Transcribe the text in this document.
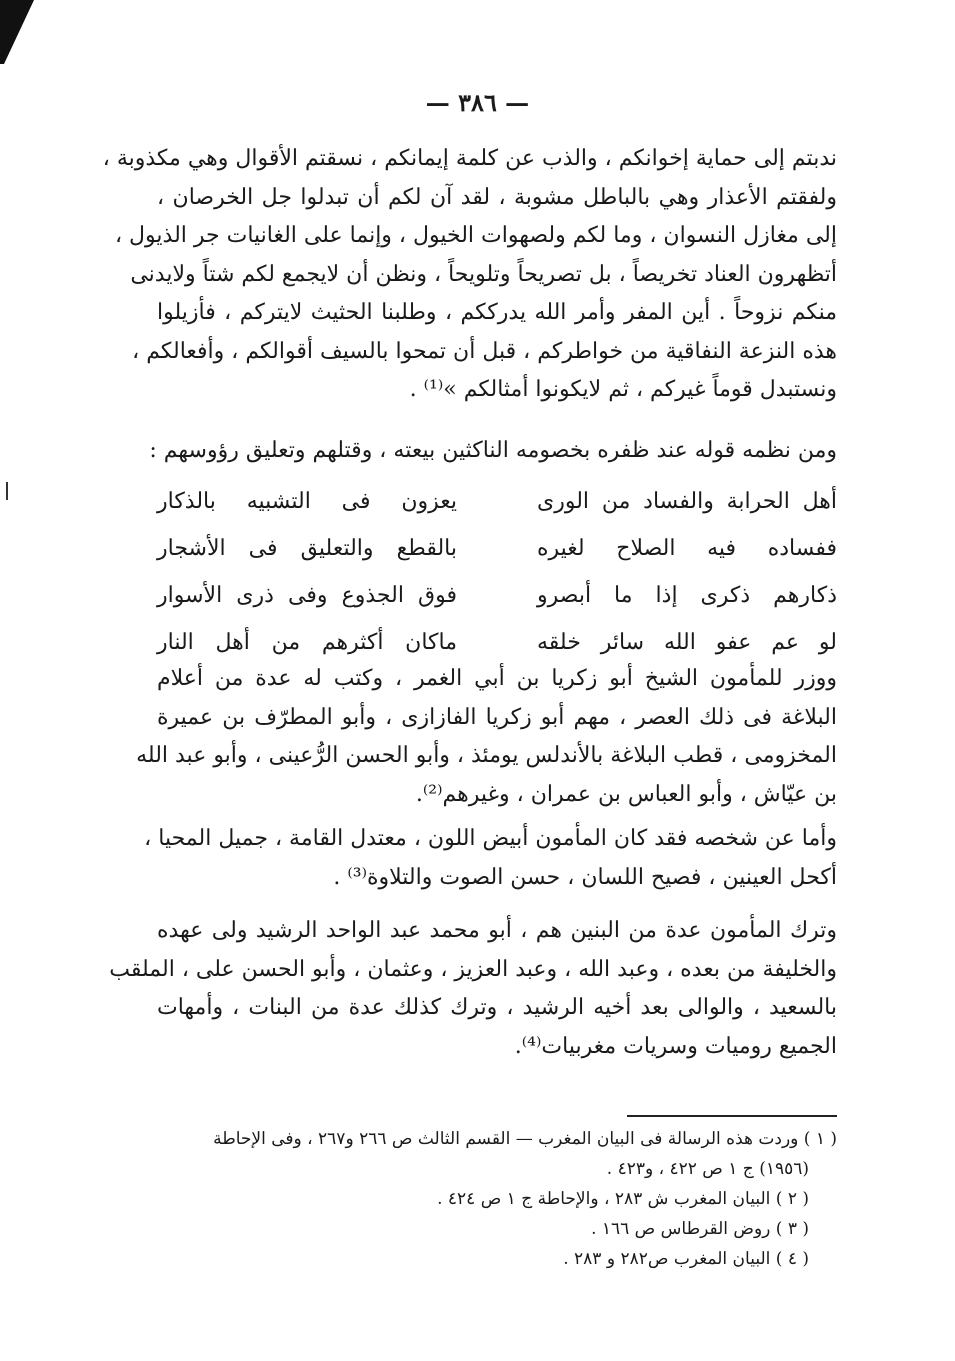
— ٣٨٦ —
ندبتم إلى حماية إخوانكم ، والذب عن كلمة إيمانكم ، نسقتم الأقوال وهي مكذوبة ،
ولفقتم الأعذار وهي بالباطل مشوبة ، لقد آن لكم أن تبدلوا جل الخرصان ،
إلى مغازل النسوان ، وما لكم ولصهوات الخيول ، وإنما على الغانيات جر الذيول ،
أتظهرون العناد تخريصاً ، بل تصريحاً وتلويحاً ، ونظن أن لايجمع لكم شتاً ولايدنى
منكم نزوحاً . أين المفر وأمر الله يدرككم ، وطلبنا الحثيث لايتركم ، فأزيلوا
هذه النزعة النفاقية من خواطركم ، قبل أن تمحوا بالسيف أقوالكم ، وأفعالكم ،
ونستبدل قوماً غيركم ، ثم لايكونوا أمثالكم »⁽¹⁾ .
ومن نظمه قوله عند ظفره بخصومه الناكثين بيعته ، وقتلهم وتعليق رؤوسهم :
أهل الحرابة والفساد من الورى
يعزون فى التشبيه بالذكار
ففساده فيه الصلاح لغيره
بالقطع والتعليق فى الأشجار
ذكارهم ذكرى إذا ما أبصرو
فوق الجذوع وفى ذرى الأسوار
لو عم عفو الله سائر خلقه
ماكان أكثرهم من أهل النار
ووزر للمأمون الشيخ أبو زكريا بن أبي الغمر ، وكتب له عدة من أعلام
البلاغة فى ذلك العصر ، مهم أبو زكريا الفازازى ، وأبو المطرّف بن عميرة
المخزومى ، قطب البلاغة بالأندلس يومئذ ، وأبو الحسن الرُّعينى ، وأبو عبد الله
بن عيّاش ، وأبو العباس بن عمران ، وغيرهم⁽²⁾.
وأما عن شخصه فقد كان المأمون أبيض اللون ، معتدل القامة ، جميل المحيا ،
أكحل العينين ، فصيح اللسان ، حسن الصوت والتلاوة⁽³⁾ .
وترك المأمون عدة من البنين هم ، أبو محمد عبد الواحد الرشيد ولى عهده
والخليفة من بعده ، وعبد الله ، وعبد العزيز ، وعثمان ، وأبو الحسن على ، الملقب
بالسعيد ، والوالى بعد أخيه الرشيد ، وترك كذلك عدة من البنات ، وأمهات
الجميع روميات وسريات مغربيات⁽⁴⁾.
( ١ ) وردت هذه الرسالة فى البيان المغرب — القسم الثالث ص ٢٦٦ و٢٦٧ ، وفى الإحاطة
(١٩٥٦) ج ١ ص ٤٢٢ ، و٤٢٣ .
( ٢ ) البيان المغرب ش ٢٨٣ ، والإحاطة ج ١ ص ٤٢٤ .
( ٣ ) روض القرطاس ص ١٦٦ .
( ٤ ) البيان المغرب ص٢٨٢ و ٢٨٣ .
